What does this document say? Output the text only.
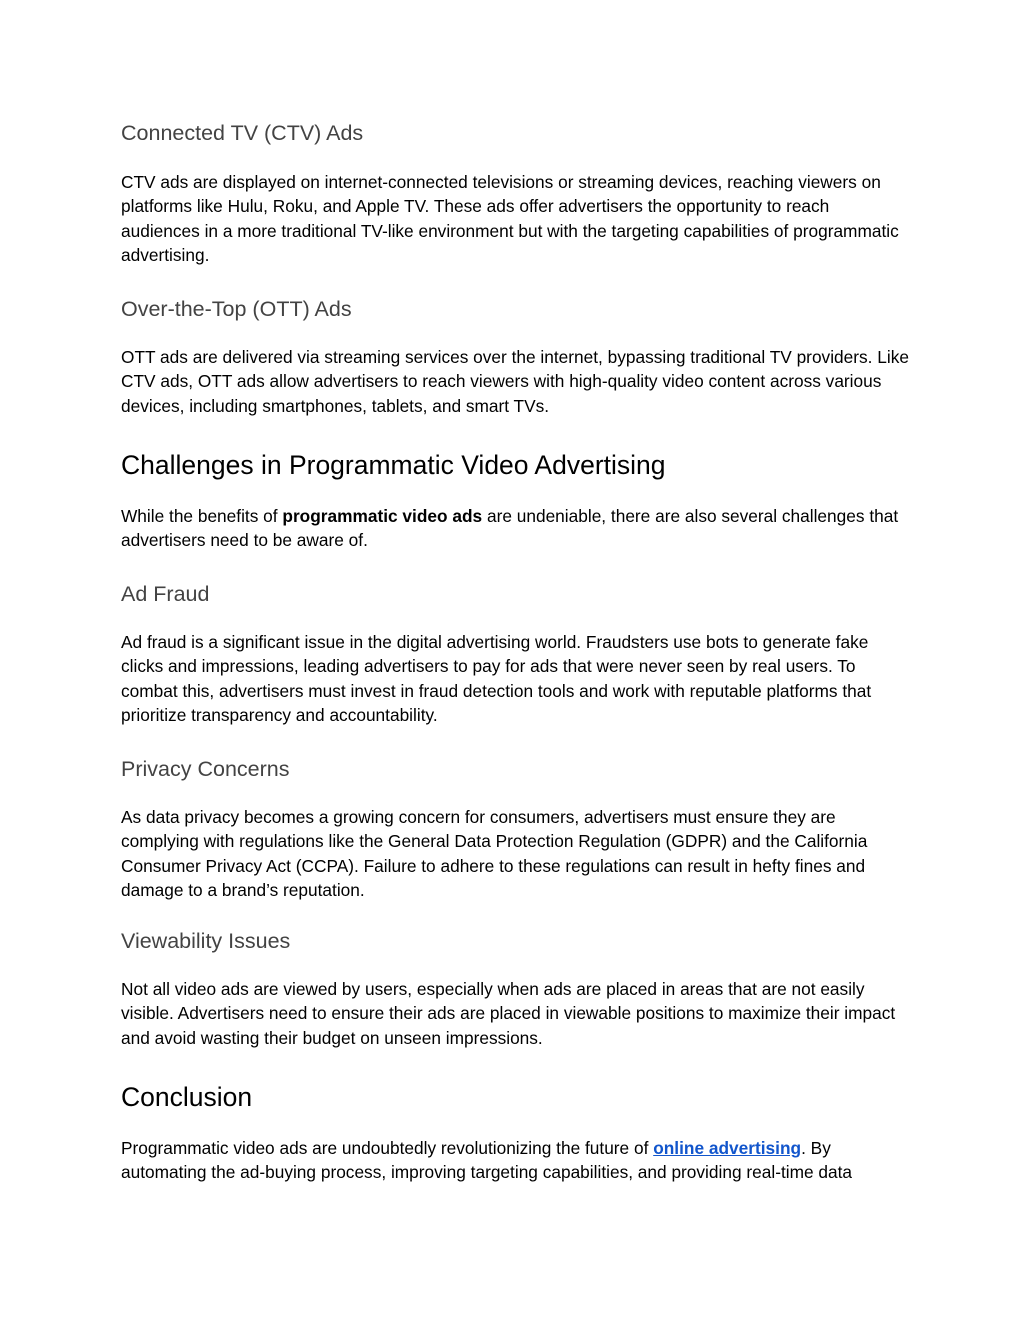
Connected TV (CTV) Ads

CTV ads are displayed on internet-connected televisions or streaming devices, reaching viewers on platforms like Hulu, Roku, and Apple TV. These ads offer advertisers the opportunity to reach audiences in a more traditional TV-like environment but with the targeting capabilities of programmatic advertising.

Over-the-Top (OTT) Ads

OTT ads are delivered via streaming services over the internet, bypassing traditional TV providers. Like CTV ads, OTT ads allow advertisers to reach viewers with high-quality video content across various devices, including smartphones, tablets, and smart TVs.

Challenges in Programmatic Video Advertising

While the benefits of programmatic video ads are undeniable, there are also several challenges that advertisers need to be aware of.

Ad Fraud

Ad fraud is a significant issue in the digital advertising world. Fraudsters use bots to generate fake clicks and impressions, leading advertisers to pay for ads that were never seen by real users. To combat this, advertisers must invest in fraud detection tools and work with reputable platforms that prioritize transparency and accountability.

Privacy Concerns

As data privacy becomes a growing concern for consumers, advertisers must ensure they are complying with regulations like the General Data Protection Regulation (GDPR) and the California Consumer Privacy Act (CCPA). Failure to adhere to these regulations can result in hefty fines and damage to a brand’s reputation.

Viewability Issues

Not all video ads are viewed by users, especially when ads are placed in areas that are not easily visible. Advertisers need to ensure their ads are placed in viewable positions to maximize their impact and avoid wasting their budget on unseen impressions.

Conclusion

Programmatic video ads are undoubtedly revolutionizing the future of online advertising. By automating the ad-buying process, improving targeting capabilities, and providing real-time data
